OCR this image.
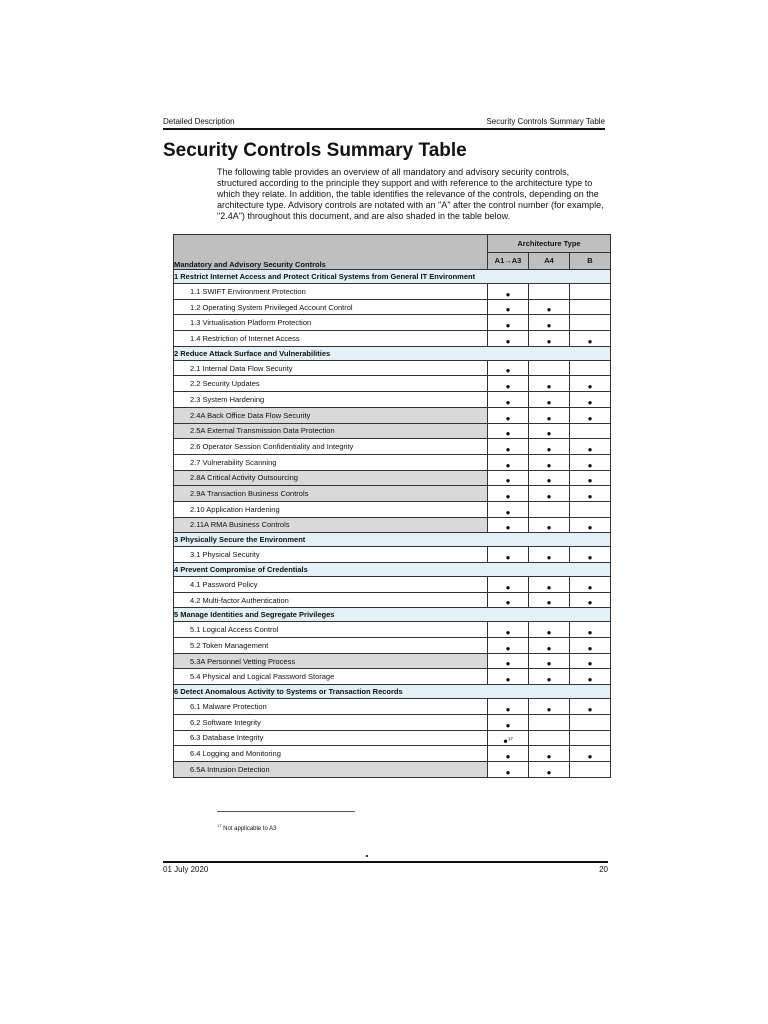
Detailed Description	Security Controls Summary Table
Security Controls Summary Table

The following table provides an overview of all mandatory and advisory security controls, structured according to the principle they support and with reference to the architecture type to which they relate. In addition, the table identifies the relevance of the controls, depending on the architecture type. Advisory controls are notated with an "A" after the control number (for example, "2.4A") throughout this document, and are also shaded in the table below.

Mandatory and Advisory Security Controls	Architecture Type		
	A1→A3	A4	B
1 Restrict Internet Access and Protect Critical Systems from General IT Environment			
1.1 SWIFT Environment Protection	●		
1.2 Operating System Privileged Account Control	●	●	
1.3 Virtualisation Platform Protection	●	●	
1.4 Restriction of Internet Access	●	●	●
2 Reduce Attack Surface and Vulnerabilities			
2.1 Internal Data Flow Security	●		
2.2 Security Updates	●	●	●
2.3 System Hardening	●	●	●
2.4A Back Office Data Flow Security	●	●	●
2.5A External Transmission Data Protection	●	●	
2.6 Operator Session Confidentiality and Integrity	●	●	●
2.7 Vulnerability Scanning	●	●	●
2.8A Critical Activity Outsourcing	●	●	●
2.9A Transaction Business Controls	●	●	●
2.10 Application Hardening	●		
2.11A RMA Business Controls	●	●	●
3 Physically Secure the Environment			
3.1 Physical Security	●	●	●
4 Prevent Compromise of Credentials			
4.1 Password Policy	●	●	●
4.2 Multi-factor Authentication	●	●	●
5 Manage Identities and Segregate Privileges			
5.1 Logical Access Control	●	●	●
5.2 Token Management	●	●	●
5.3A Personnel Vetting Process	●	●	●
5.4 Physical and Logical Password Storage	●	●	●
6 Detect Anomalous Activity to Systems or Transaction Records			
6.1 Malware Protection	●	●	●
6.2 Software Integrity	●		
6.3 Database Integrity	●$^{17}$		
6.4 Logging and Monitoring	●	●	●
6.5A Intrusion Detection	●	●	
$^{17}$ Not applicable to A3
01 July 2020	20
